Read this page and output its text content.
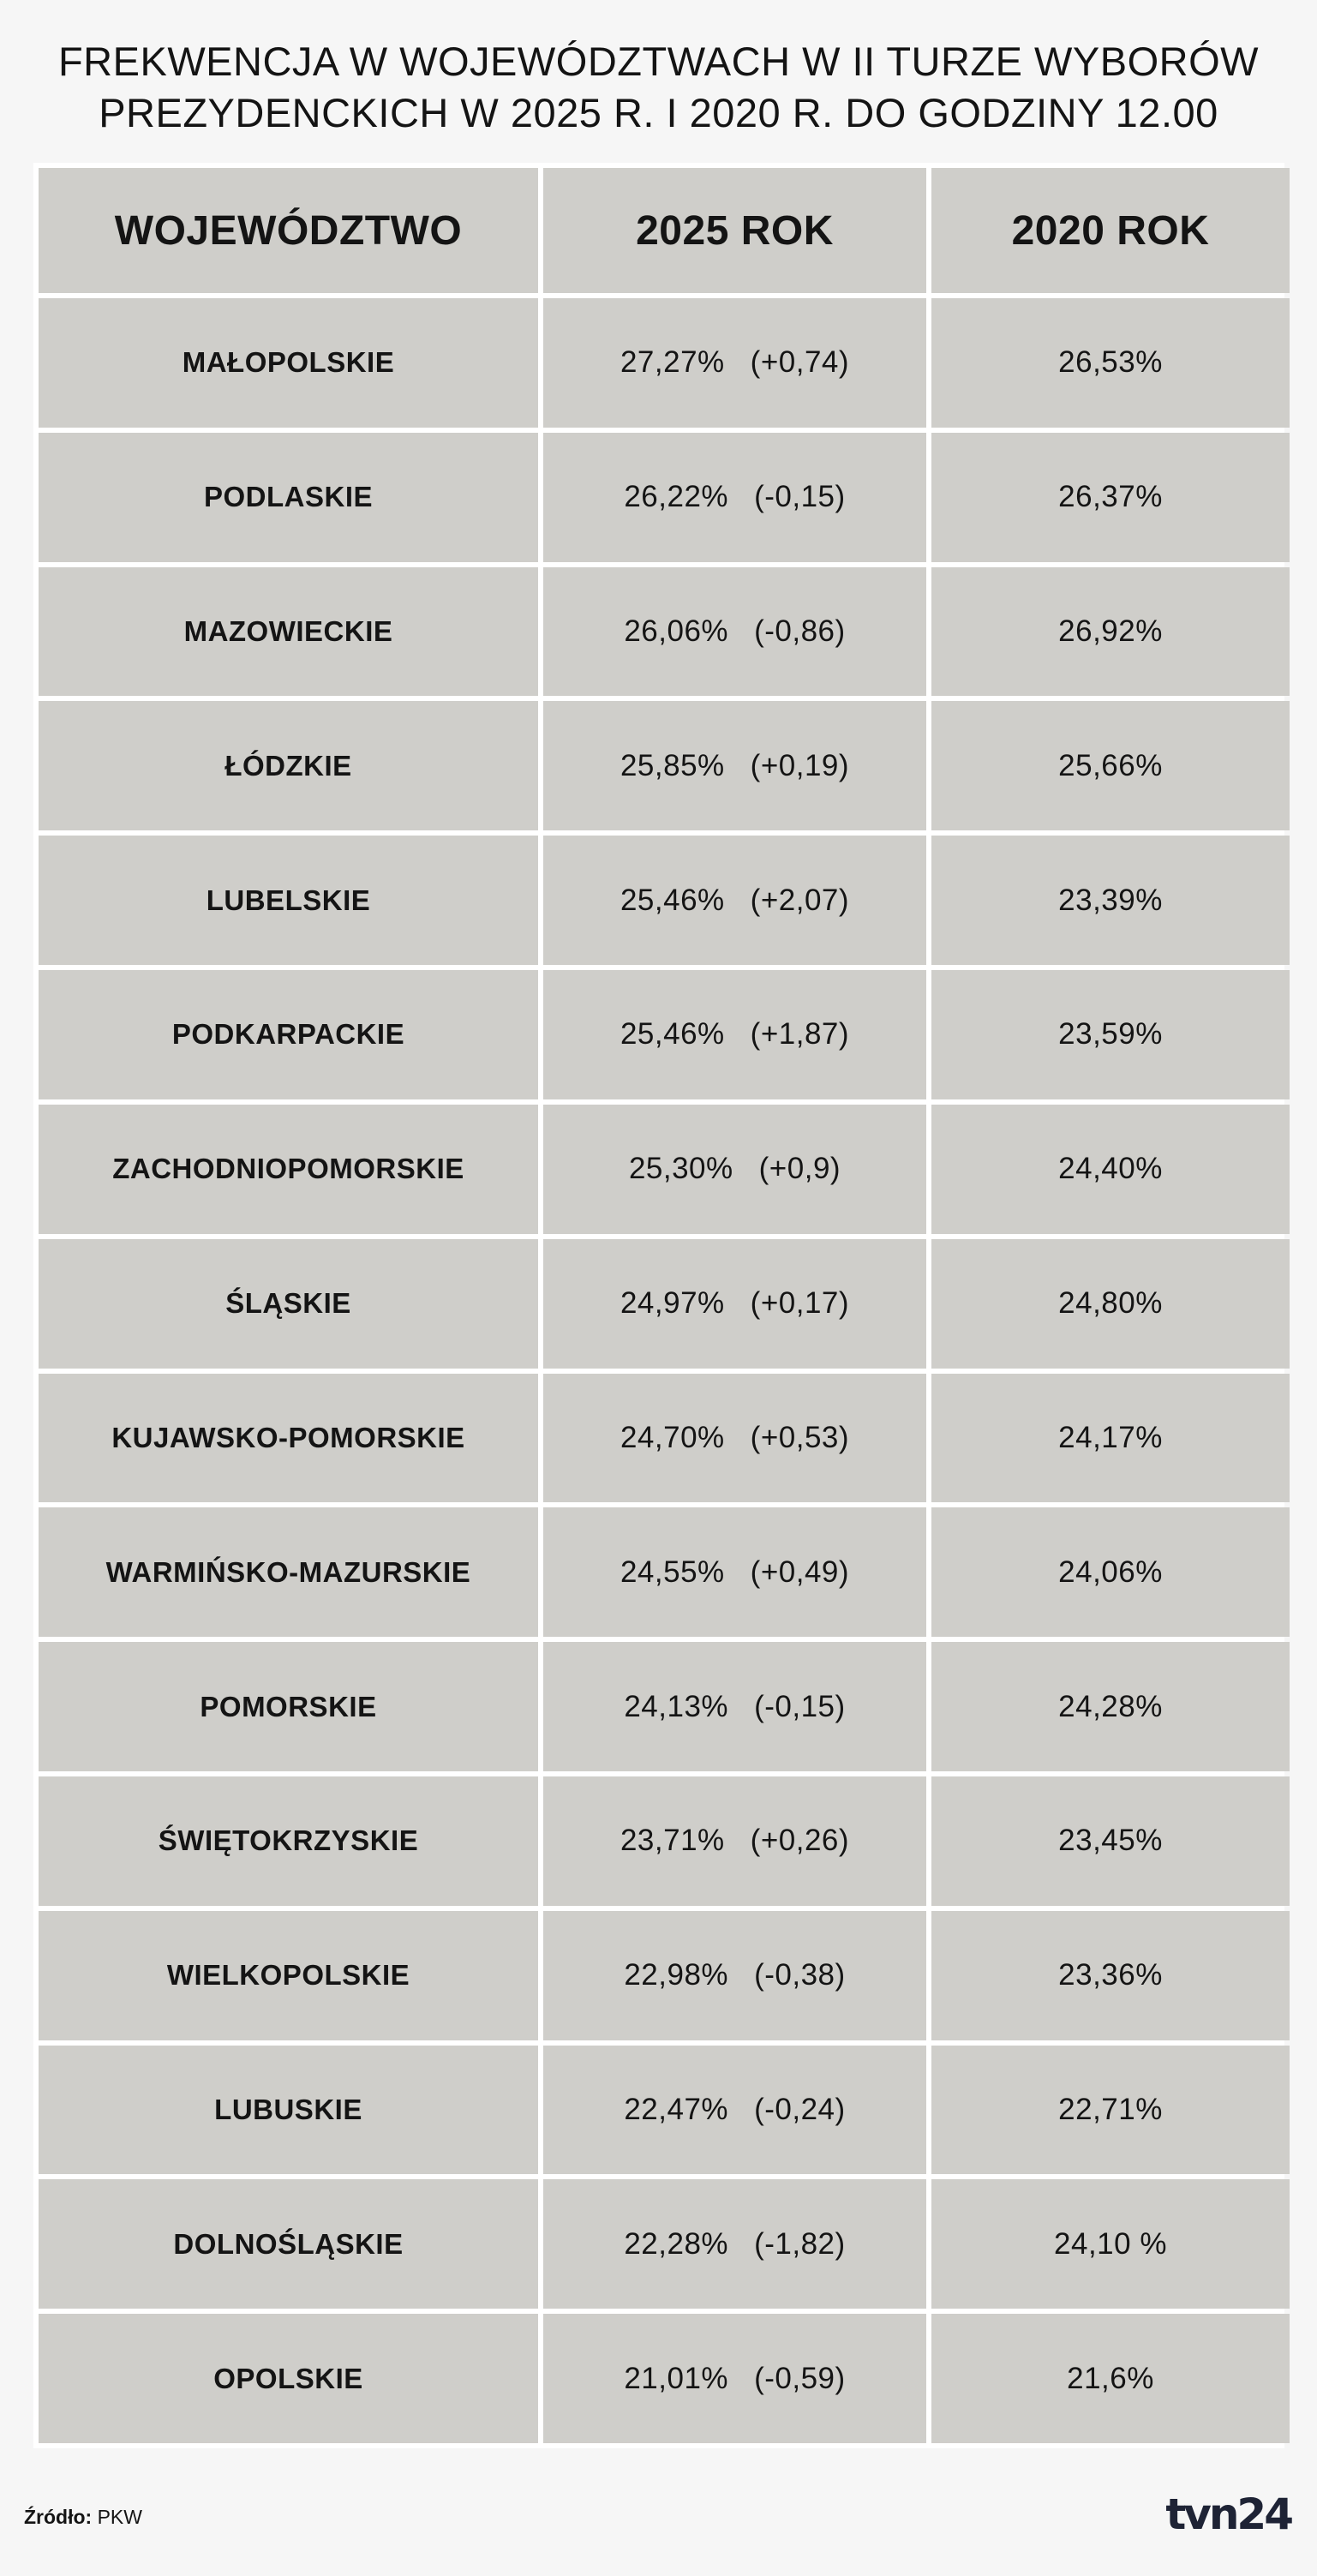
FREKWENCJA W WOJEWÓDZTWACH W II TURZE WYBORÓW
PREZYDENCKICH W 2025 R. I 2020 R. DO GODZINY 12.00
WOJEWÓDZTWO	2025 ROK	2020 ROK
MAŁOPOLSKIE	27,27% (+0,74)	26,53%
PODLASKIE	26,22% (-0,15)	26,37%
MAZOWIECKIE	26,06% (-0,86)	26,92%
ŁÓDZKIE	25,85% (+0,19)	25,66%
LUBELSKIE	25,46% (+2,07)	23,39%
PODKARPACKIE	25,46% (+1,87)	23,59%
ZACHODNIOPOMORSKIE	25,30% (+0,9)	24,40%
ŚLĄSKIE	24,97% (+0,17)	24,80%
KUJAWSKO-POMORSKIE	24,70% (+0,53)	24,17%
WARMIŃSKO-MAZURSKIE	24,55% (+0,49)	24,06%
POMORSKIE	24,13% (-0,15)	24,28%
ŚWIĘTOKRZYSKIE	23,71% (+0,26)	23,45%
WIELKOPOLSKIE	22,98% (-0,38)	23,36%
LUBUSKIE	22,47% (-0,24)	22,71%
DOLNOŚLĄSKIE	22,28% (-1,82)	24,10 %
OPOLSKIE	21,01% (-0,59)	21,6%
Źródło: PKW	tvn24
